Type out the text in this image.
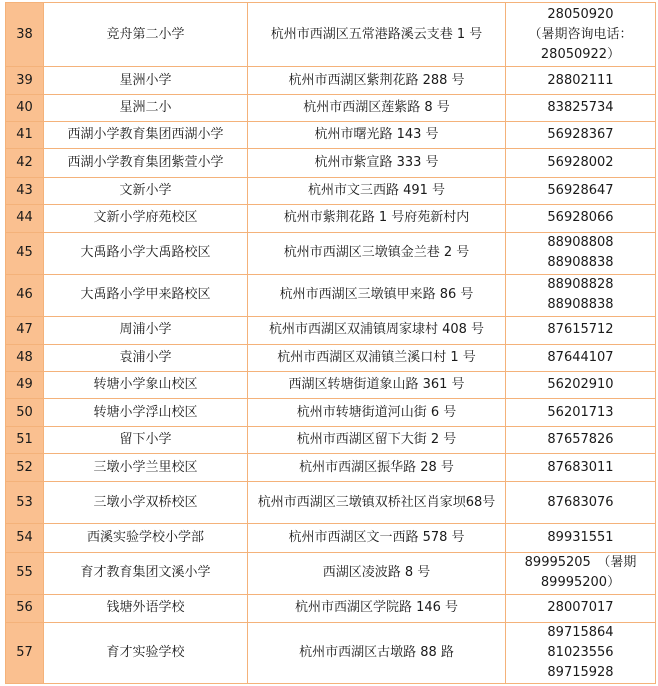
38	竞舟第二小学	杭州市西湖区五常港路溪云支巷 1 号	28050920
（暑期咨询电话：
28050922）

39	星洲小学	杭州市西湖区紫荆花路 288 号	28802111

40	星洲二小	杭州市西湖区莲紫路 8 号	83825734

41	西湖小学教育集团西湖小学	杭州市曙光路 143 号	56928367

42	西湖小学教育集团紫萱小学	杭州市紫宣路 333 号	56928002

43	文新小学	杭州市文三西路 491 号	56928647

44	文新小学府苑校区	杭州市紫荆花路 1 号府苑新村内	56928066

45	大禹路小学大禹路校区	杭州市西湖区三墩镇金兰巷 2 号	88908808
88908838

46	大禹路小学甲来路校区	杭州市西湖区三墩镇甲来路 86 号	88908828
88908838

47	周浦小学	杭州市西湖区双浦镇周家埭村 408 号	87615712

48	袁浦小学	杭州市西湖区双浦镇兰溪口村 1 号	87644107

49	转塘小学象山校区	西湖区转塘街道象山路 361 号	56202910

50	转塘小学浮山校区	杭州市转塘街道河山街 6 号	56201713

51	留下小学	杭州市西湖区留下大街 2 号	87657826

52	三墩小学兰里校区	杭州市西湖区振华路 28 号	87683011

53	三墩小学双桥校区	杭州市西湖区三墩镇双桥社区肖家坝68号	87683076

54	西溪实验学校小学部	杭州市西湖区文一西路 578 号	89931551

55	育才教育集团文溪小学	西湖区凌波路 8 号	89995205　（暑期
89995200）

56	钱塘外语学校	杭州市西湖区学院路 146 号	28007017

57	育才实验学校	杭州市西湖区古墩路 88 路	89715864
81023556
89715928
